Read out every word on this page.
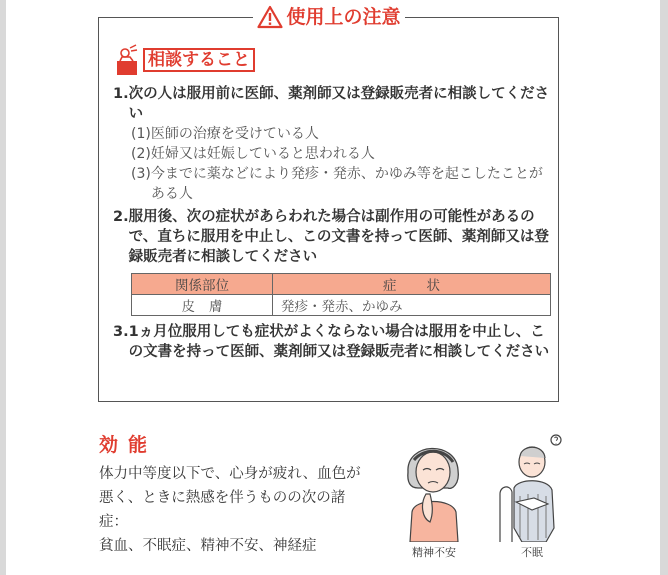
使用上の注意
相談すること
1. 次の人は服用前に医師、薬剤師又は登録販売者に相談してください
(1) 医師の治療を受けている人
(2) 妊婦又は妊娠していると思われる人
(3) 今までに薬などにより発疹・発赤、かゆみ等を起こしたことがある人
2. 服用後、次の症状があらわれた場合は副作用の可能性があるので、直ちに服用を中止し、この文書を持って医師、薬剤師又は登録販売者に相談してください
関係部位	症状
皮膚	発疹・発赤、かゆみ
3. 1ヵ月位服用しても症状がよくならない場合は服用を中止し、この文書を持って医師、薬剤師又は登録販売者に相談してください
効能
体力中等度以下で、心身が疲れ、血色が悪く、ときに熱感を伴うものの次の諸症：
貧血、不眠症、精神不安、神経症	精神不安	不眠
